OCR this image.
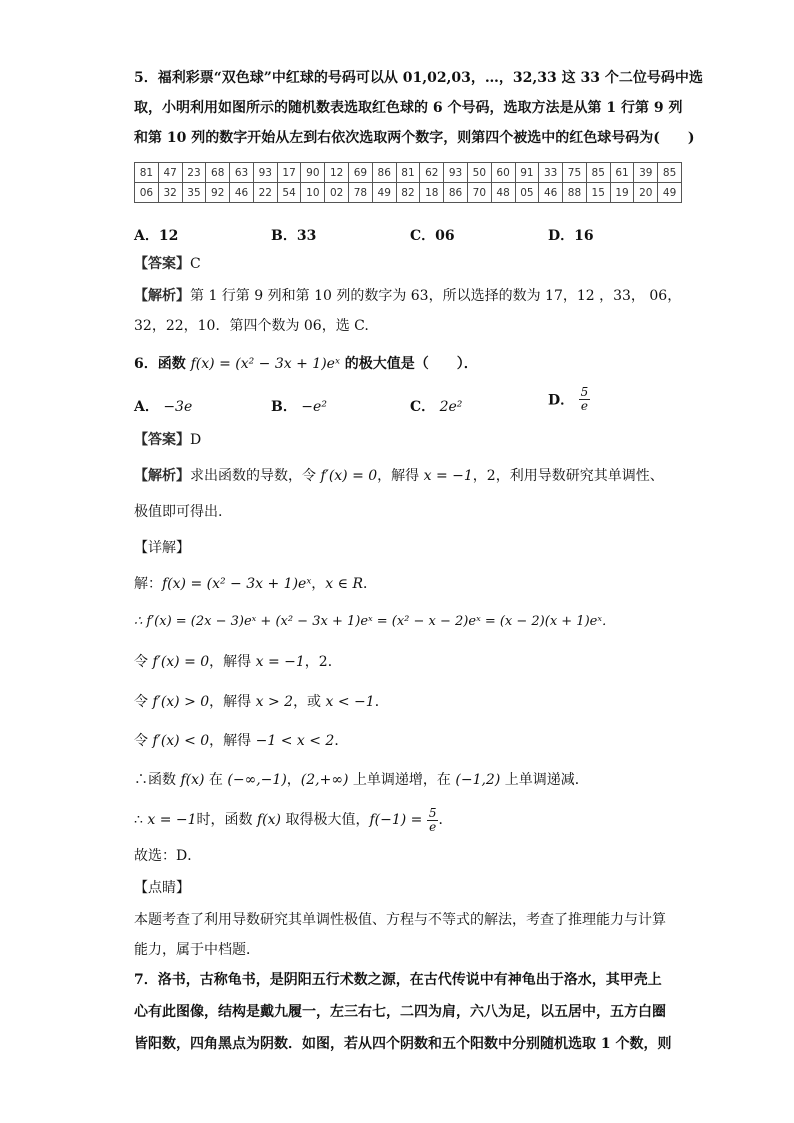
5．福利彩票“双色球”中红球的号码可以从 01,02,03，…，32,33 这 33 个二位号码中选
取，小明利用如图所示的随机数表选取红色球的 6 个号码，选取方法是从第 1 行第 9 列
和第 10 列的数字开始从左到右依次选取两个数字，则第四个被选中的红色球号码为(　　)
81	47	23	68	63	93	17	90	12	69	86	81	62	93	50	60	91	33	75	85	61	39	85
06	32	35	92	46	22	54	10	02	78	49	82	18	86	70	48	05	46	88	15	19	20	49
A．12	B．33	C．06	D．16
【答案】C
【解析】第 1 行第 9 列和第 10 列的数字为 63，所以选择的数为 17，12 ，33， 06，
32，22，10．第四个数为 06，选 C.
6．函数 f(x) = (x² − 3x + 1)eˣ 的极大值是（　　）．
A． −3e	B． −e²	C． 2e²	D． $\frac{5}{e}$
【答案】D
【解析】求出函数的导数，令 f′(x) = 0，解得 x = −1，2，利用导数研究其单调性、
极值即可得出.
【详解】
解：f(x) = (x² − 3x + 1)eˣ，x ∈ R．
∴ f′(x) = (2x − 3)eˣ + (x² − 3x + 1)eˣ = (x² − x − 2)eˣ = (x − 2)(x + 1)eˣ．
令 f′(x) = 0，解得 x = −1，2．
令 f′(x) > 0，解得 x > 2，或 x < −1．
令 f′(x) < 0，解得 −1 < x < 2．
∴函数 f(x) 在 (−∞,−1)，(2,+∞) 上单调递增，在 (−1,2) 上单调递减．
∴ x = −1时，函数 f(x) 取得极大值，$f(-1) = \frac{5}{e}$ ．
故选：D．
【点睛】
本题考查了利用导数研究其单调性极值、方程与不等式的解法，考查了推理能力与计算
能力，属于中档题．
7．洛书，古称龟书，是阴阳五行术数之源，在古代传说中有神龟出于洛水，其甲壳上
心有此图像，结构是戴九履一，左三右七，二四为肩，六八为足，以五居中，五方白圈
皆阳数，四角黑点为阴数．如图，若从四个阴数和五个阳数中分别随机选取 1 个数，则
